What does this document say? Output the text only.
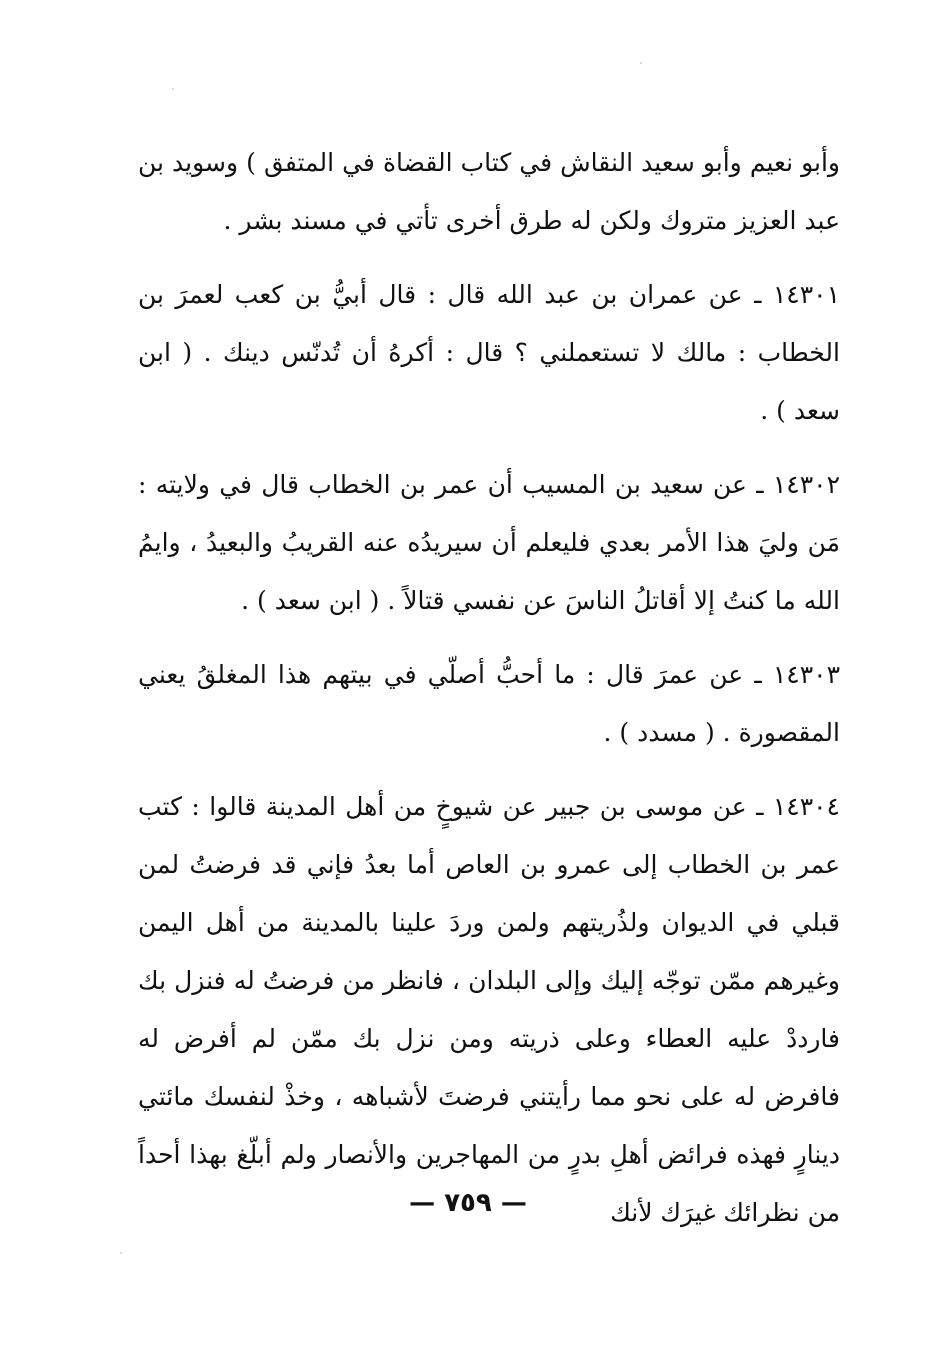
وأبو نعيم وأبو سعيد النقاش في كتاب القضاة في المتفق ) وسويد بن عبد العزيز متروك ولكن له طرق أخرى تأتي في مسند بشر .

١٤٣٠١ ـ عن عمران بن عبد الله قال : قال أبيُّ بن كعب لعمرَ بن الخطاب : مالك لا تستعملني ؟ قال : أكرهُ أن تُدنّس دينك . ( ابن سعد ) .

١٤٣٠٢ ـ عن سعيد بن المسيب أن عمر بن الخطاب قال في ولايته : مَن وليَ هذا الأمر بعدي فليعلم أن سيريدُه عنه القريبُ والبعيدُ ، وايمُ الله ما كنتُ إلا أقاتلُ الناسَ عن نفسي قتالاً . ( ابن سعد ) .

١٤٣٠٣ ـ عن عمرَ قال : ما أحبُّ أصلّي في بيتهم هذا المغلقُ يعني المقصورة . ( مسدد ) .

١٤٣٠٤ ـ عن موسى بن جبير عن شيوخٍ من أهل المدينة قالوا : كتب عمر بن الخطاب إلى عمرو بن العاص أما بعدُ فإني قد فرضتُ لمن قبلي في الديوان ولذُريتهم ولمن وردَ علينا بالمدينة من أهل اليمن وغيرهم ممّن توجّه إليك وإلى البلدان ، فانظر من فرضتُ له فنزل بك فارددْ عليه العطاء وعلى ذريته ومن نزل بك ممّن لم أفرض له فافرض له على نحو مما رأيتني فرضتَ لأشباهه ، وخذْ لنفسك مائتي دينارٍ فهذه فرائض أهلِ بدرٍ من المهاجرين والأنصار ولم أبلّغ بهذا أحداً من نظرائك غيرَك لأنك

— ٧٥٩ —
